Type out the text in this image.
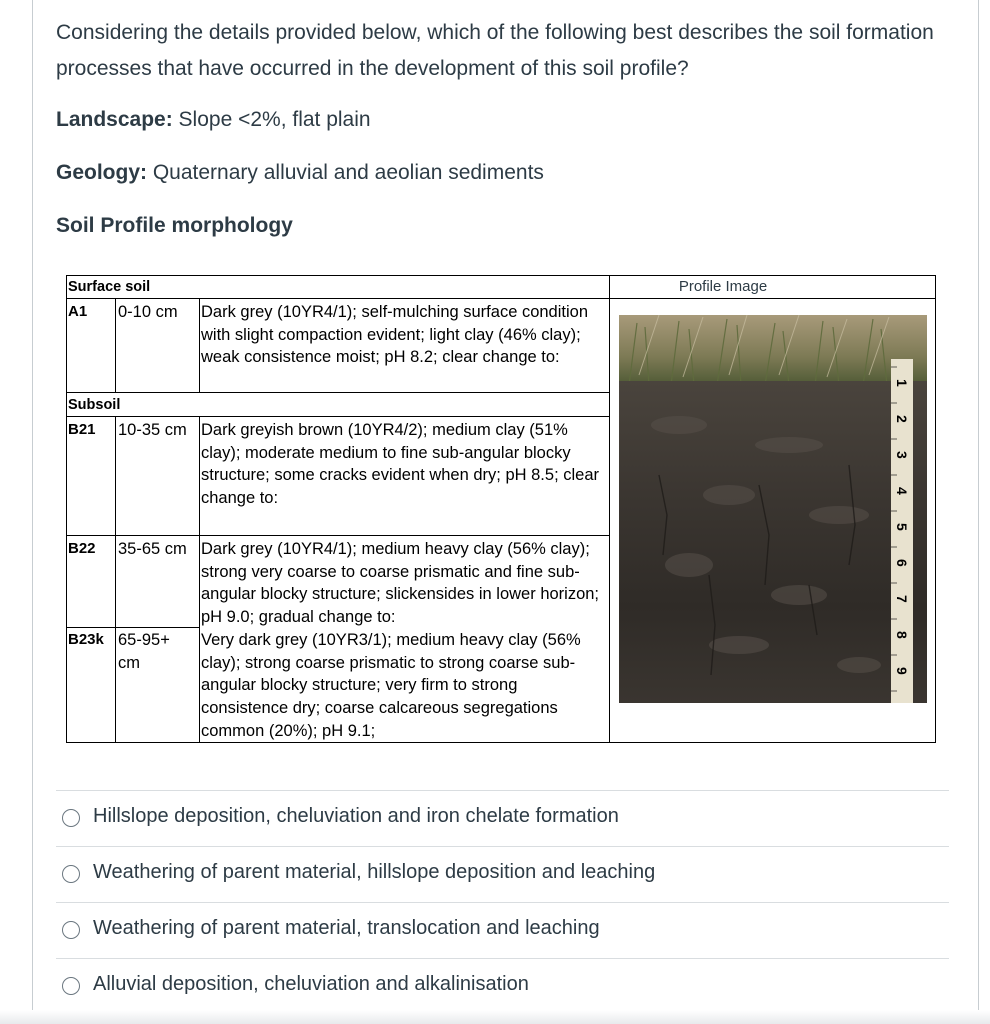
Considering the details provided below, which of the following best describes the soil formation processes that have occurred in the development of this soil profile?
Landscape: Slope <2%, flat plain
Geology: Quaternary alluvial and aeolian sediments
Soil Profile morphology
Surface soil
Subsoil
Profile Image
A1 0-10 cm	Dark grey (10YR4/1); self-mulching surface condition with slight compaction evident; light clay (46% clay); weak consistence moist; pH 8.2; clear change to:
B21 10-35 cm Dark greyish brown (10YR4/2); medium clay (51% clay); moderate medium to fine sub-angular blocky structure; some cracks evident when dry; pH 8.5; clear change to:
B22 35-65 cm Dark grey (10YR4/1); medium heavy clay (56% clay); strong very coarse to coarse prismatic and fine sub-angular blocky structure; slickensides in lower horizon; pH 9.0; gradual change to:
B23k 65-95+ cm
Very dark grey (10YR3/1); medium heavy clay (56% clay); strong coarse prismatic to strong coarse sub-angular blocky structure; very firm to strong consistence dry; coarse calcareous segregations common (20%); pH 9.1;
1
2
3
4
5
6
7
8
9
Hillslope deposition, cheluviation and iron chelate formation
Weathering of parent material, hillslope deposition and leaching
Weathering of parent material, translocation and leaching
Alluvial deposition, cheluviation and alkalinisation
